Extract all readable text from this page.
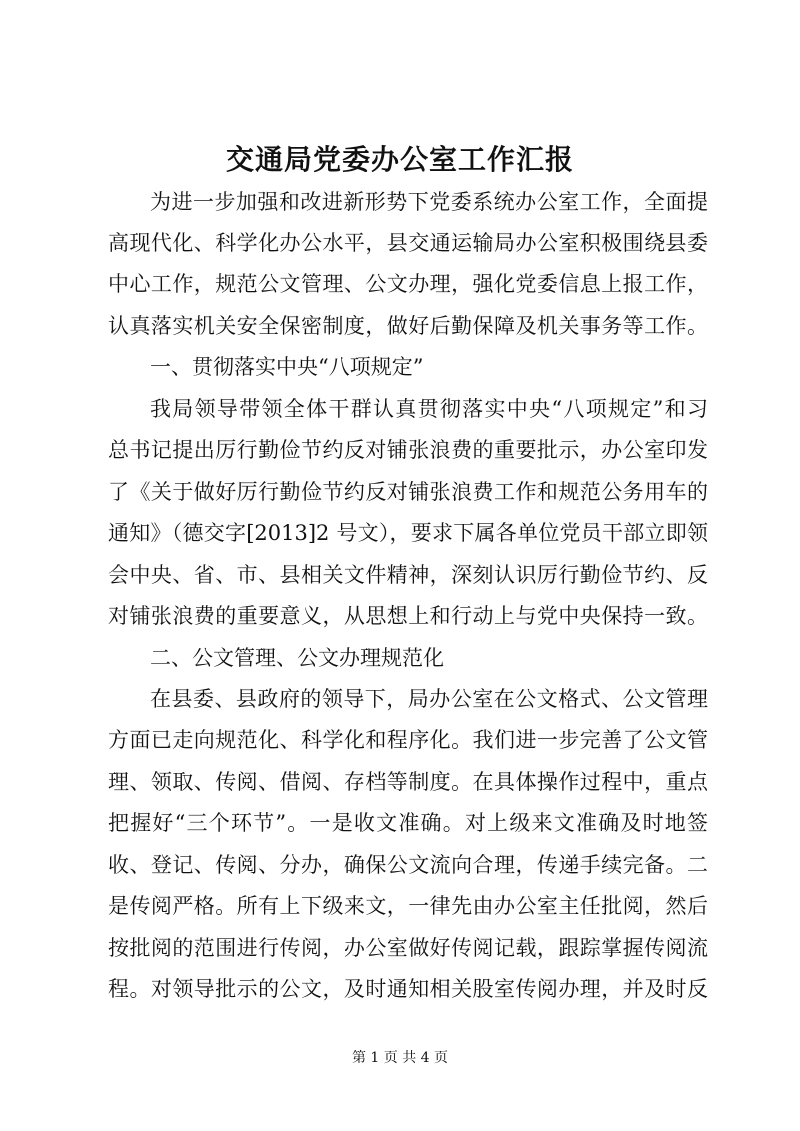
交通局党委办公室工作汇报
为进一步加强和改进新形势下党委系统办公室工作，全面提
高现代化、科学化办公水平，县交通运输局办公室积极围绕县委
中心工作，规范公文管理、公文办理，强化党委信息上报工作，
认真落实机关安全保密制度，做好后勤保障及机关事务等工作。
一、贯彻落实中央“八项规定”
我局领导带领全体干群认真贯彻落实中央“八项规定”和习
总书记提出厉行勤俭节约反对铺张浪费的重要批示，办公室印发
了《关于做好厉行勤俭节约反对铺张浪费工作和规范公务用车的
通知》（德交字[2013]2 号文），要求下属各单位党员干部立即领
会中央、省、市、县相关文件精神，深刻认识厉行勤俭节约、反
对铺张浪费的重要意义，从思想上和行动上与党中央保持一致。
二、公文管理、公文办理规范化
在县委、县政府的领导下，局办公室在公文格式、公文管理
方面已走向规范化、科学化和程序化。我们进一步完善了公文管
理、领取、传阅、借阅、存档等制度。在具体操作过程中，重点
把握好“三个环节”。一是收文准确。对上级来文准确及时地签
收、登记、传阅、分办，确保公文流向合理，传递手续完备。二
是传阅严格。所有上下级来文，一律先由办公室主任批阅，然后
按批阅的范围进行传阅，办公室做好传阅记载，跟踪掌握传阅流
程。对领导批示的公文，及时通知相关股室传阅办理，并及时反
第 1 页 共 4 页
